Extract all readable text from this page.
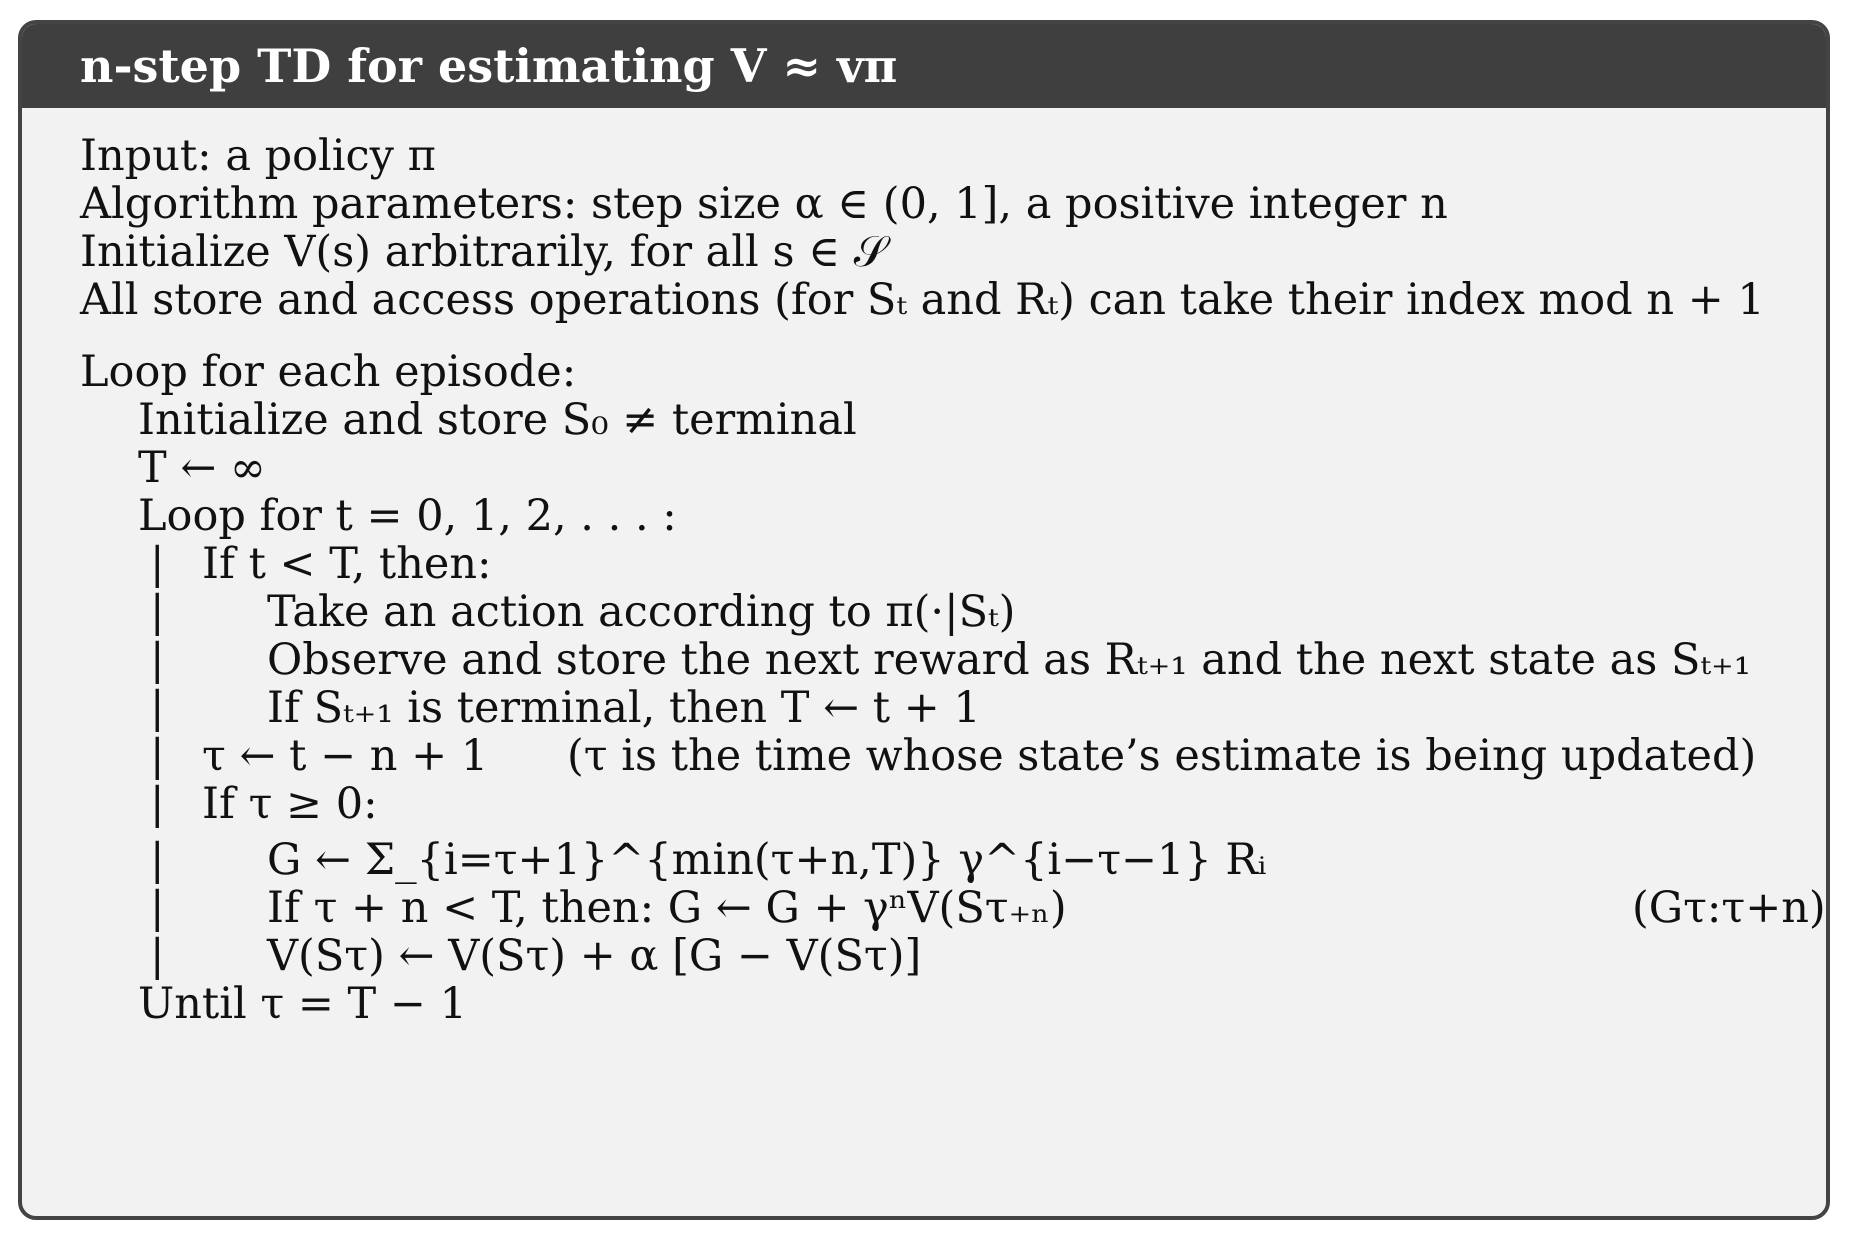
n-step TD for estimating V ≈ vπ
Input: a policy π
Algorithm parameters: step size α ∈ (0, 1], a positive integer n
Initialize V(s) arbitrarily, for all s ∈ 𝒮
All store and access operations (for Sₜ and Rₜ) can take their index mod n + 1
Loop for each episode:
Initialize and store S₀ ≠ terminal
T ← ∞
Loop for t = 0, 1, 2, . . . :
| If t < T, then:
| Take an action according to π(·|Sₜ)
| Observe and store the next reward as Rₜ₊₁ and the next state as Sₜ₊₁
| If Sₜ₊₁ is terminal, then T ← t + 1
| τ ← t − n + 1 (τ is the time whose state’s estimate is being updated)
| If τ ≥ 0:
| G ← Σ_{i=τ+1}^{min(τ+n,T)} γ^{i−τ−1} Rᵢ
| If τ + n < T, then: G ← G + γⁿV(Sτ₊ₙ)	(Gτ:τ+n)
| V(Sτ) ← V(Sτ) + α [G − V(Sτ)]
Until τ = T − 1
